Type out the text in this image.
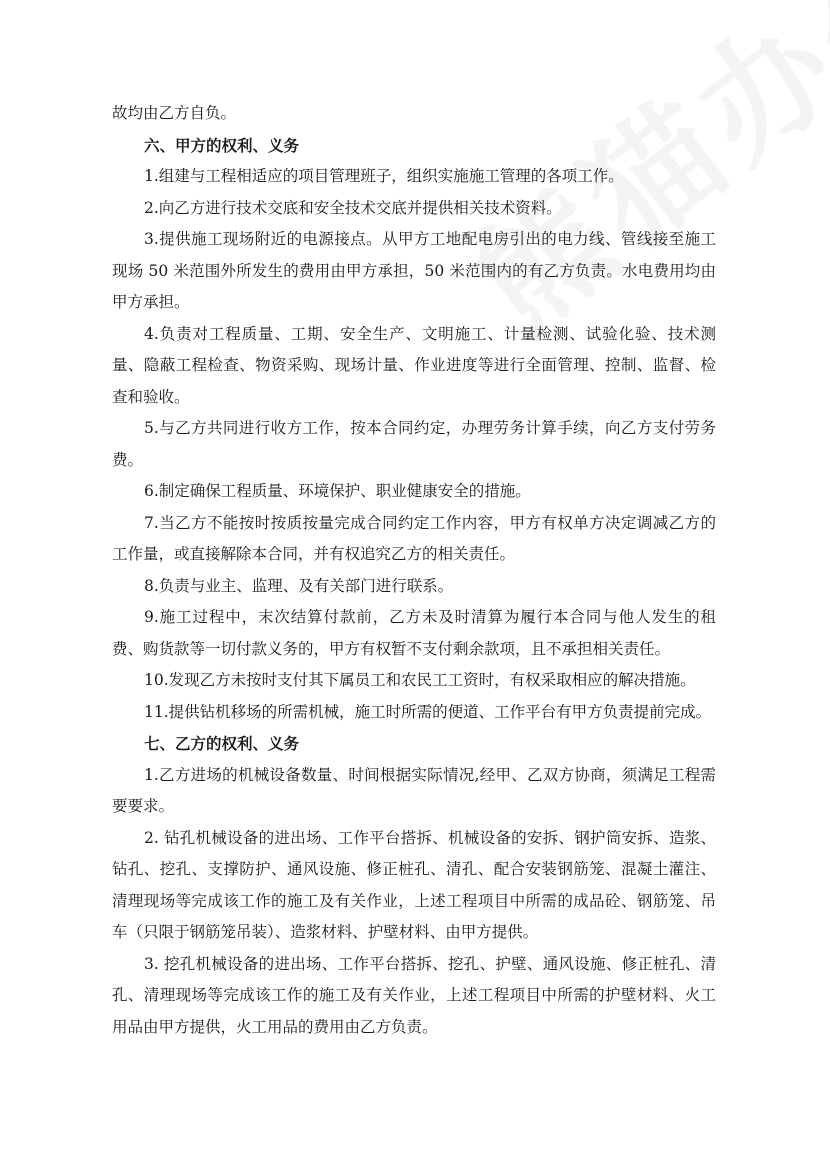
故均由乙方自负。

六、甲方的权利、义务

1.组建与工程相适应的项目管理班子，组织实施施工管理的各项工作。

2.向乙方进行技术交底和安全技术交底并提供相关技术资料。

3.提供施工现场附近的电源接点。从甲方工地配电房引出的电力线、管线接至施工现场 50 米范围外所发生的费用由甲方承担，50 米范围内的有乙方负责。水电费用均由甲方承担。

4.负责对工程质量、工期、安全生产、文明施工、计量检测、试验化验、技术测量、隐蔽工程检查、物资采购、现场计量、作业进度等进行全面管理、控制、监督、检查和验收。

5.与乙方共同进行收方工作，按本合同约定，办理劳务计算手续，向乙方支付劳务费。

6.制定确保工程质量、环境保护、职业健康安全的措施。

7.当乙方不能按时按质按量完成合同约定工作内容，甲方有权单方决定调减乙方的工作量，或直接解除本合同，并有权追究乙方的相关责任。

8.负责与业主、监理、及有关部门进行联系。

9.施工过程中，末次结算付款前，乙方未及时清算为履行本合同与他人发生的租费、购货款等一切付款义务的，甲方有权暂不支付剩余款项，且不承担相关责任。

10.发现乙方未按时支付其下属员工和农民工工资时，有权采取相应的解决措施。

11.提供钻机移场的所需机械，施工时所需的便道、工作平台有甲方负责提前完成。

七、乙方的权利、义务

1.乙方进场的机械设备数量、时间根据实际情况,经甲、乙双方协商，须满足工程需要要求。

2. 钻孔机械设备的进出场、工作平台搭拆、机械设备的安拆、钢护筒安拆、造浆、钻孔、挖孔、支撑防护、通风设施、修正桩孔、清孔、配合安装钢筋笼、混凝土灌注、清理现场等完成该工作的施工及有关作业，上述工程项目中所需的成品砼、钢筋笼、吊车（只限于钢筋笼吊装）、造浆材料、护壁材料、由甲方提供。

3. 挖孔机械设备的进出场、工作平台搭拆、挖孔、护壁、通风设施、修正桩孔、清孔、清理现场等完成该工作的施工及有关作业，上述工程项目中所需的护壁材料、火工用品由甲方提供，火工用品的费用由乙方负责。
